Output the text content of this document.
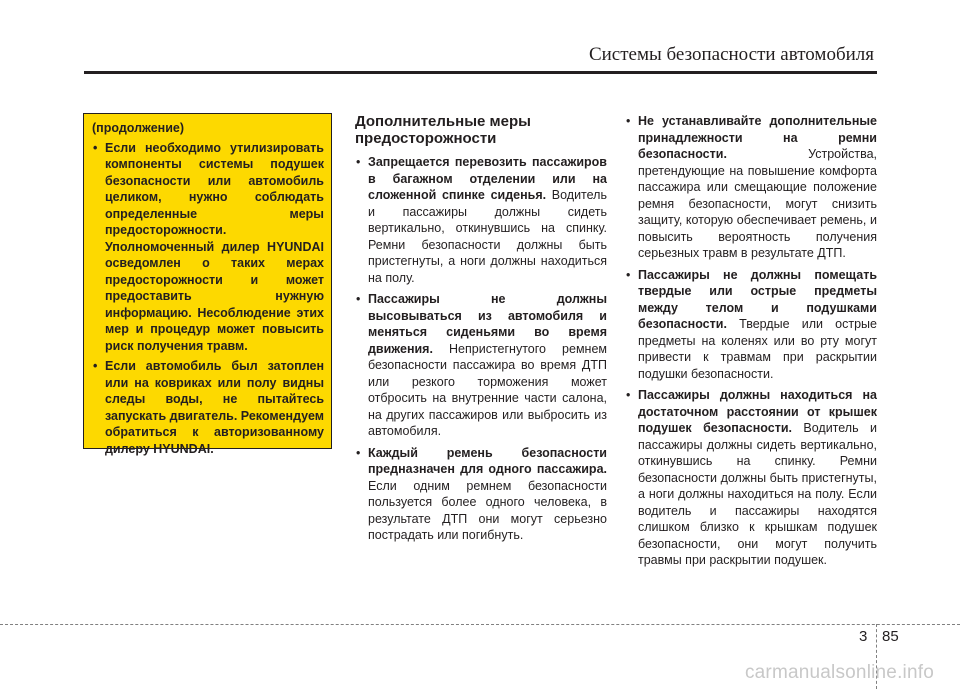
Системы безопасности автомобиля
(продолжение)
• Если необходимо утилизировать компоненты системы подушек безопасности или автомобиль целиком, нужно соблюдать определенные меры предосторожности. Уполномоченный дилер HYUNDAI осведомлен о таких мерах предосторожности и может предоставить нужную информацию. Несоблюдение этих мер и процедур может повысить риск получения травм.
• Если автомобиль был затоплен или на ковриках или полу видны следы воды, не пытайтесь запускать двигатель. Рекомендуем обратиться к авторизованному дилеру HYUNDAI.
Дополнительные меры предосторожности
• Запрещается перевозить пассажиров в багажном отделении или на сложенной спинке сиденья. Водитель и пассажиры должны сидеть вертикально, откинувшись на спинку. Ремни безопасности должны быть пристегнуты, а ноги должны находиться на полу.
• Пассажиры не должны высовываться из автомобиля и меняться сиденьями во время движения. Непристегнутого ремнем безопасности пассажира во время ДТП или резкого торможения может отбросить на внутренние части салона, на других пассажиров или выбросить из автомобиля.
• Каждый ремень безопасности предназначен для одного пассажира. Если одним ремнем безопасности пользуется более одного человека, в результате ДТП они могут серьезно пострадать или погибнуть.
• Не устанавливайте дополнительные принадлежности на ремни безопасности. Устройства, претендующие на повышение комфорта пассажира или смещающие положение ремня безопасности, могут снизить защиту, которую обеспечивает ремень, и повысить вероятность получения серьезных травм в результате ДТП.
• Пассажиры не должны помещать твердые или острые предметы между телом и подушками безопасности. Твердые или острые предметы на коленях или во рту могут привести к травмам при раскрытии подушки безопасности.
• Пассажиры должны находиться на достаточном расстоянии от крышек подушек безопасности. Водитель и пассажиры должны сидеть вертикально, откинувшись на спинку. Ремни безопасности должны быть пристегнуты, а ноги должны находиться на полу. Если водитель и пассажиры находятся слишком близко к крышкам подушек безопасности, они могут получить травмы при раскрытии подушек.
3 85
carmanualsonline.info
